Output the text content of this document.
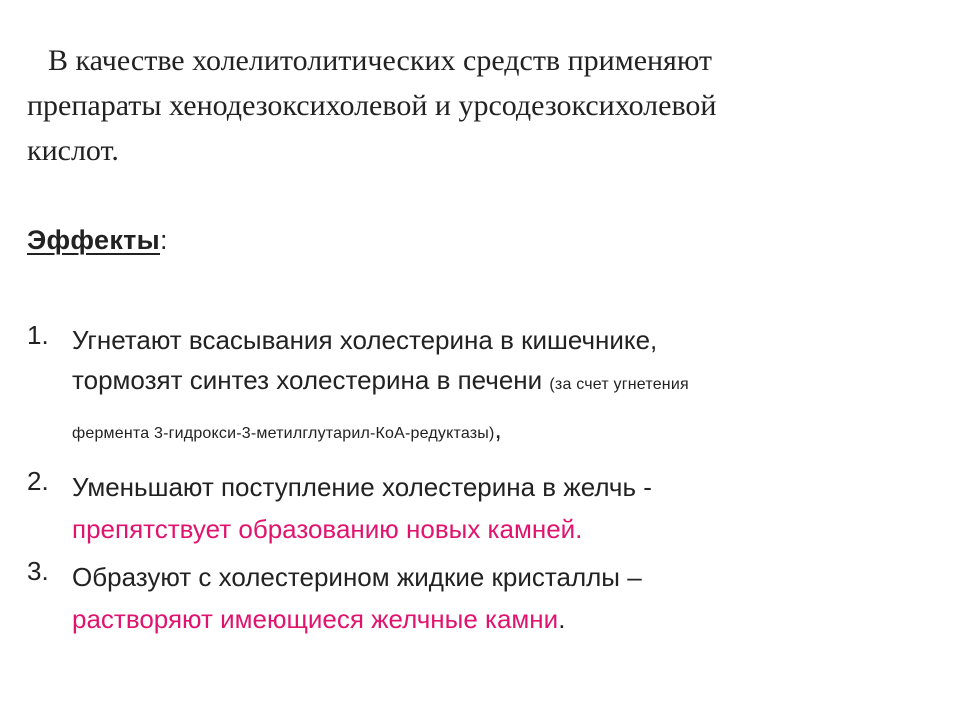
В качестве холелитолитических средств применяют
препараты хенодезоксихолевой и урсодезоксихолевой
кислот.
Эффекты:
1. Угнетают всасывания холестерина в кишечнике,
тормозят синтез холестерина в печени (за счет угнетения
фермента 3-гидрокси-3-метилглутарил-КоА-редуктазы),
2. Уменьшают поступление холестерина в желчь -
препятствует образованию новых камней.
3. Образуют с холестерином жидкие кристаллы –
растворяют имеющиеся желчные камни.
